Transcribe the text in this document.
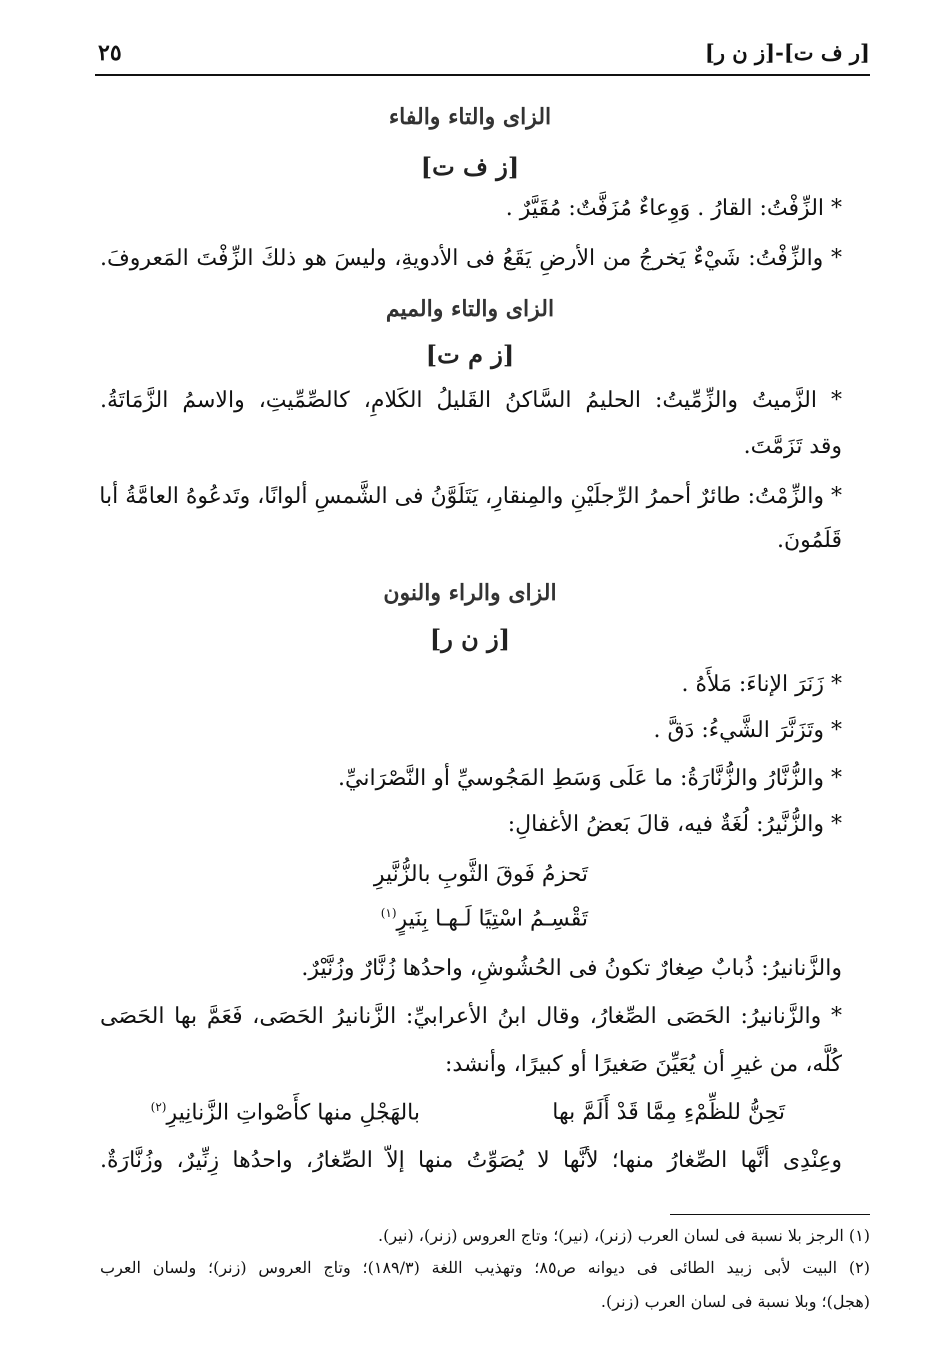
٢٥	[ر ف ت]-[ز ن ر]
الزاى والتاء والفاء
[ز ف ت]
* الزِّفْتُ: القارُ . وَوِعاءٌ مُزَفَّتٌ: مُقَيَّرٌ .
* والزِّفْتُ: شَيْءٌ يَخرجُ من الأرضِ يَقَعُ فى الأدويةِ، وليسَ هو ذلكَ الزِّفْتَ المَعروفَ.
الزاى والتاء والميم
[ز م ت]
* الزَّميتُ والزِّمِّيتُ: الحليمُ السَّاكنُ القَليلُ الكَلامِ، كالصِّمِّيتِ، والاسمُ الزَّمَاتَةُ.
وقد تَزَمَّتَ.
* والزِّمْتُ: طائرٌ أحمرُ الرِّجلَيْنِ والمِنقارِ، يَتَلَوَّنُ فى الشَّمسِ ألوانًا، وتَدعُوهُ العامَّةُ أبا
قَلَمُونَ.
الزاى والراء والنون
[ز ن ر]
* زَنَرَ الإناءَ: مَلأَهُ .
* وتَزَنَّرَ الشَّيءُ: دَقَّ .
* والزُّنَّارُ والزُّنَّارَةُ: ما عَلَى وَسَطِ المَجُوسيِّ أو النَّصْرَانيِّ.
* والزُّنَّيرُ: لُغَةٌ فيه، قالَ بَعضُ الأغفالِ:
تَحزمُ فَوقَ الثَّوبِ بالزُّنَّيرِ
تَقْسِـمُ اسْتِيًا لَـهـا بِنَيرٍ$^{(١)}$
والزَّنانيرُ: ذُبابٌ صِغارٌ تكونُ فى الحُشُوشِ، واحدُها زُنَّارٌ وزُنَّيْرٌ.
* والزَّنانيرُ: الحَصَى الصِّغارُ، وقال ابنُ الأعرابيِّ: الزَّنانيرُ الحَصَى، فَعَمَّ بها الحَصَى
كُلَّه، من غيرِ أن يُعَيِّنَ صَغيرًا أو كبيرًا، وأنشد:
تَحِنُّ للظِّمْءِ مِمَّا قَدْ أَلَمَّ بها
بالهَجْلِ منها كأَصْواتِ الزَّنانِيرِ$^{(٢)}$
وعِنْدِى أنَّها الصِّغارُ منها؛ لأنَّها لا يُصَوِّتُ منها إلاّ الصِّغارُ، واحدُها زِنِّيرٌ، وزُنَّارَةٌ.
(١) الرجز بلا نسبة فى لسان العرب (زنر)، (نير)؛ وتاج العروس (زنر)، (نير).
(٢) البيت لأبى زبيد الطائى فى ديوانه ص٨٥؛ وتهذيب اللغة (١٨٩/٣)؛ وتاج العروس (زنر)؛ ولسان العرب
(هجل)؛ وبلا نسبة فى لسان العرب (زنر).
